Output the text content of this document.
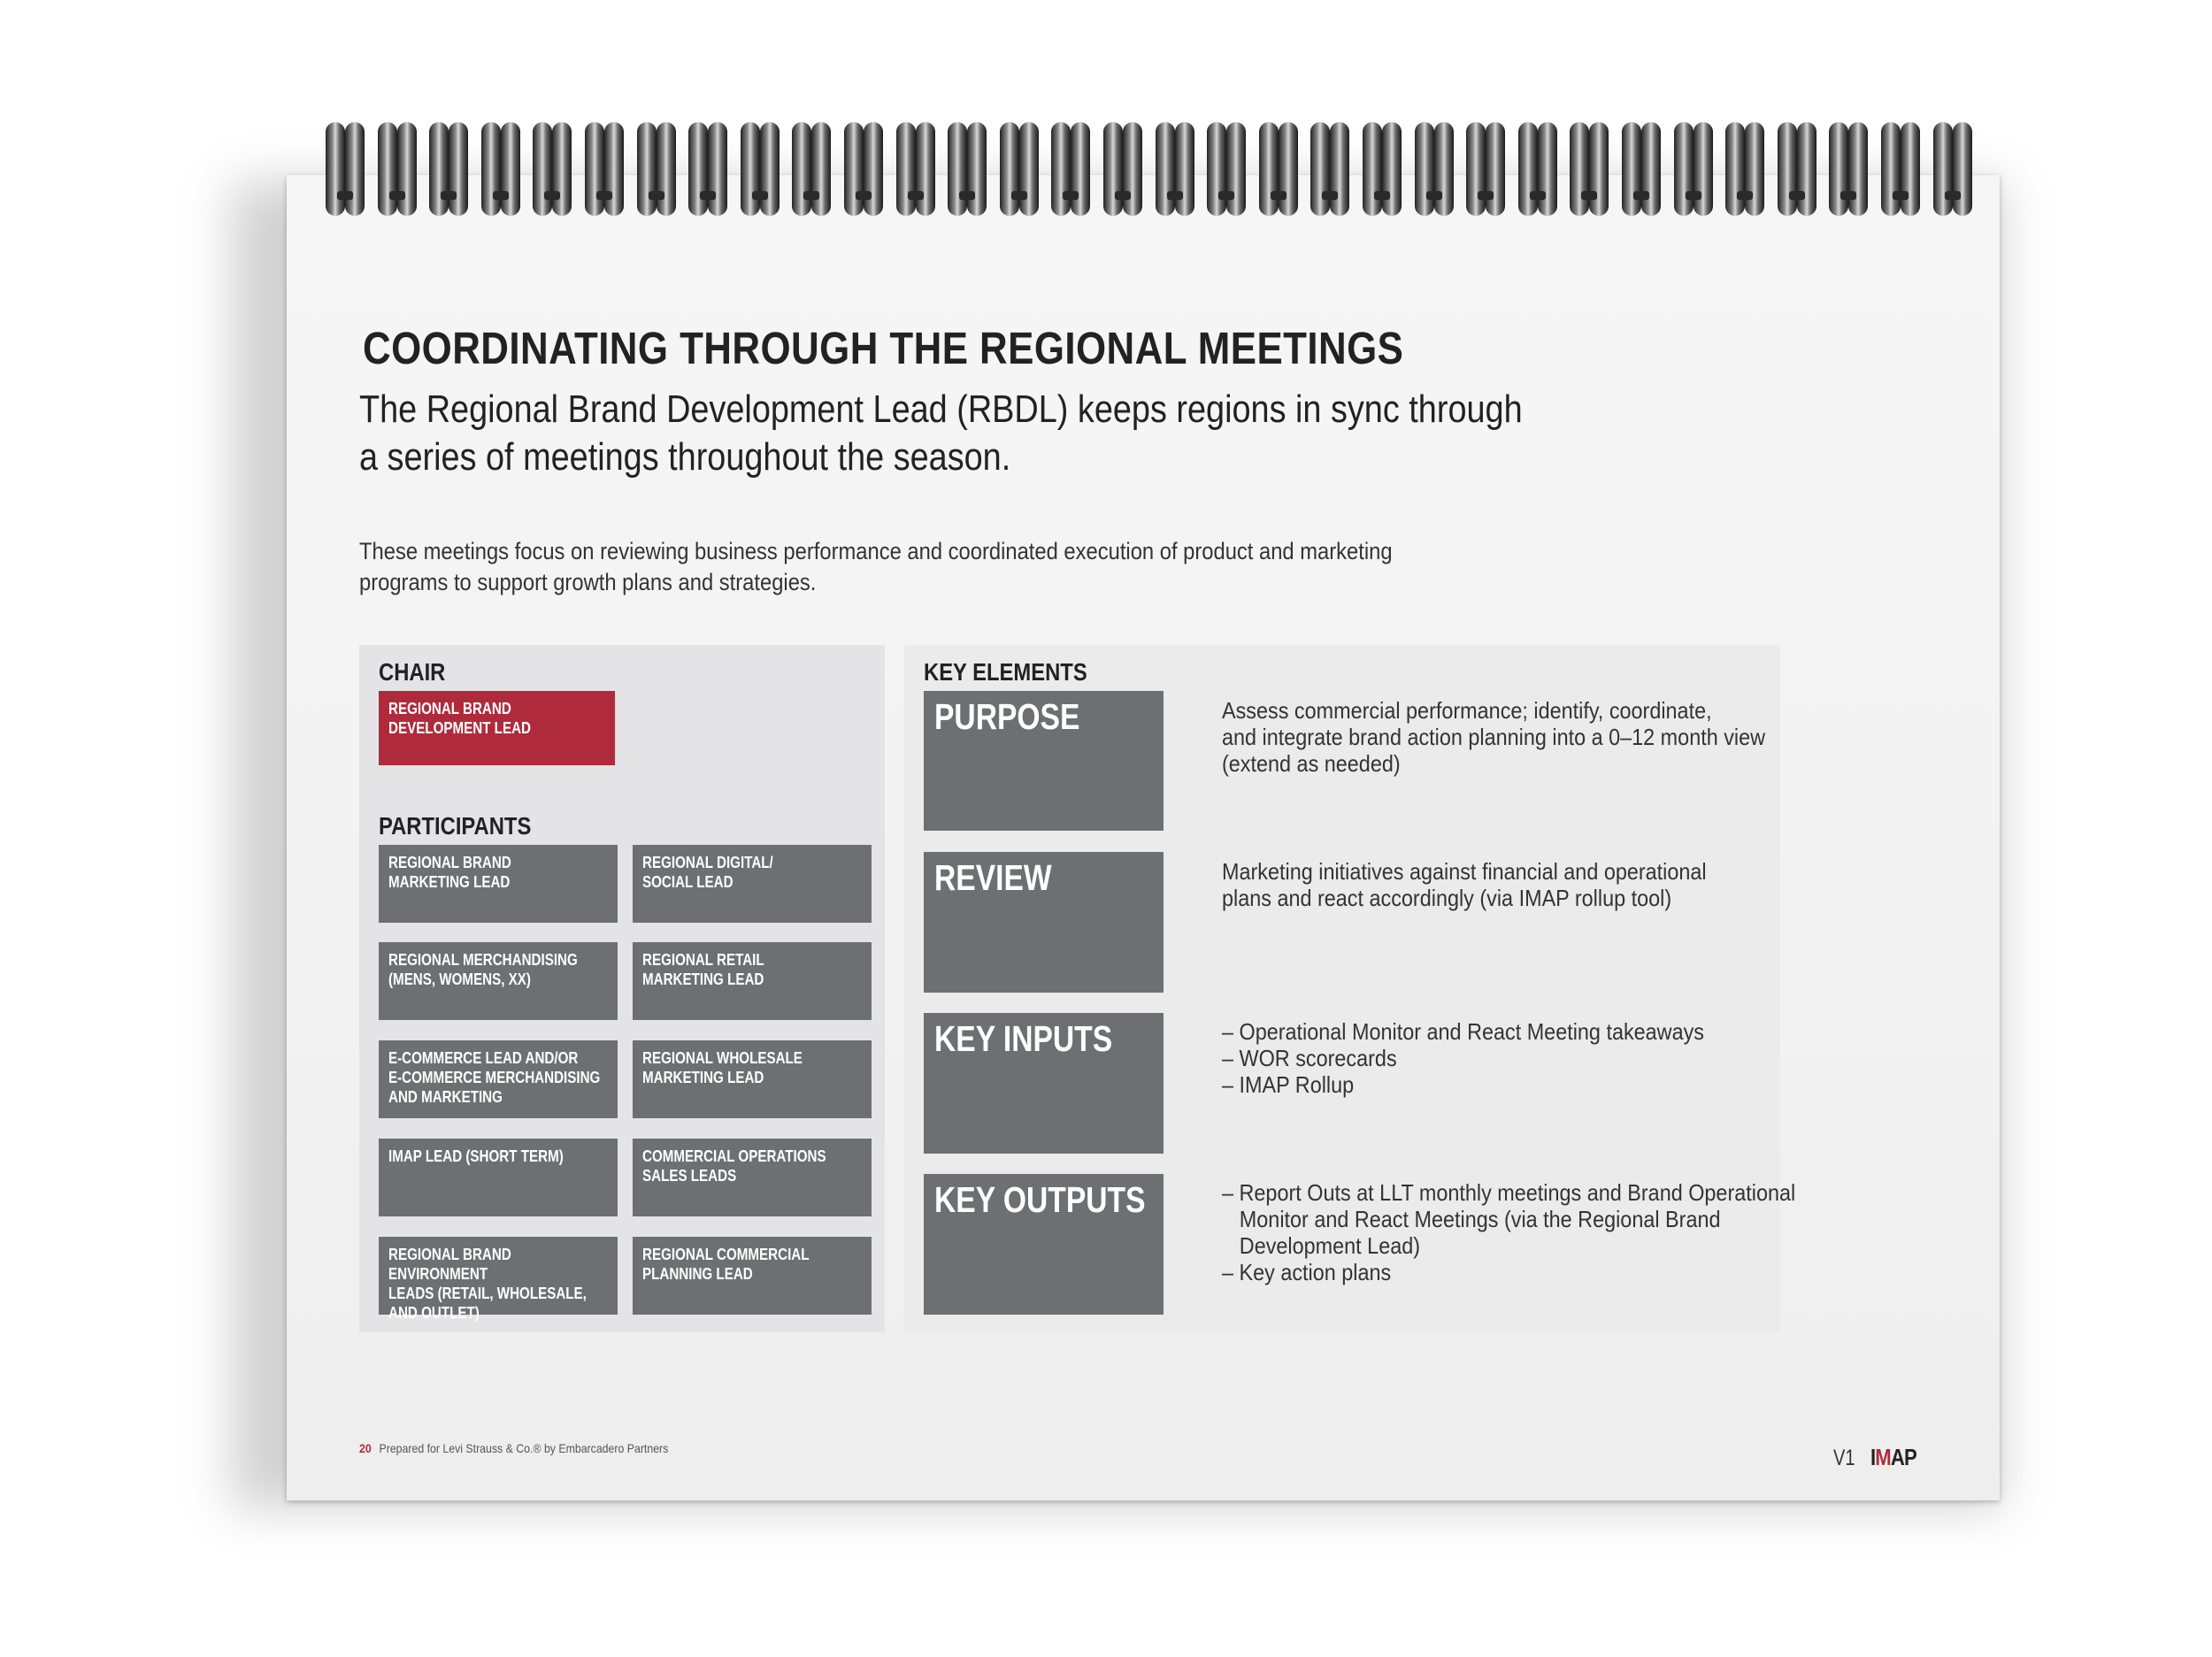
COORDINATING THROUGH THE REGIONAL MEETINGS
The Regional Brand Development Lead (RBDL) keeps regions in sync through
a series of meetings throughout the season.
These meetings focus on reviewing business performance and coordinated execution of product and marketing
programs to support growth plans and strategies.
CHAIR
REGIONAL BRAND
DEVELOPMENT LEAD
PARTICIPANTS
REGIONAL BRAND
MARKETING LEAD
REGIONAL DIGITAL/
SOCIAL LEAD
REGIONAL MERCHANDISING
(MENS, WOMENS, XX)
REGIONAL RETAIL
MARKETING LEAD
E-COMMERCE LEAD AND/OR
E-COMMERCE MERCHANDISING
AND MARKETING
REGIONAL WHOLESALE
MARKETING LEAD
IMAP LEAD (SHORT TERM)	COMMERCIAL OPERATIONS
SALES LEADS
REGIONAL BRAND ENVIRONMENT
LEADS (RETAIL, WHOLESALE,
AND OUTLET)
REGIONAL COMMERCIAL
PLANNING LEAD
KEY ELEMENTS
PURPOSE	Assess commercial performance; identify, coordinate,
and integrate brand action planning into a 0–12 month view
(extend as needed)
REVIEW	Marketing initiatives against financial and operational
plans and react accordingly (via IMAP rollup tool)
KEY INPUTS	– Operational Monitor and React Meeting takeaways
– WOR scorecards
– IMAP Rollup
KEY OUTPUTS	– Report Outs at LLT monthly meetings and Brand Operational
Monitor and React Meetings (via the Regional Brand
Development Lead)
– Key action plans
20 Prepared for Levi Strauss & Co.® by Embarcadero Partners	V1 IMAP
